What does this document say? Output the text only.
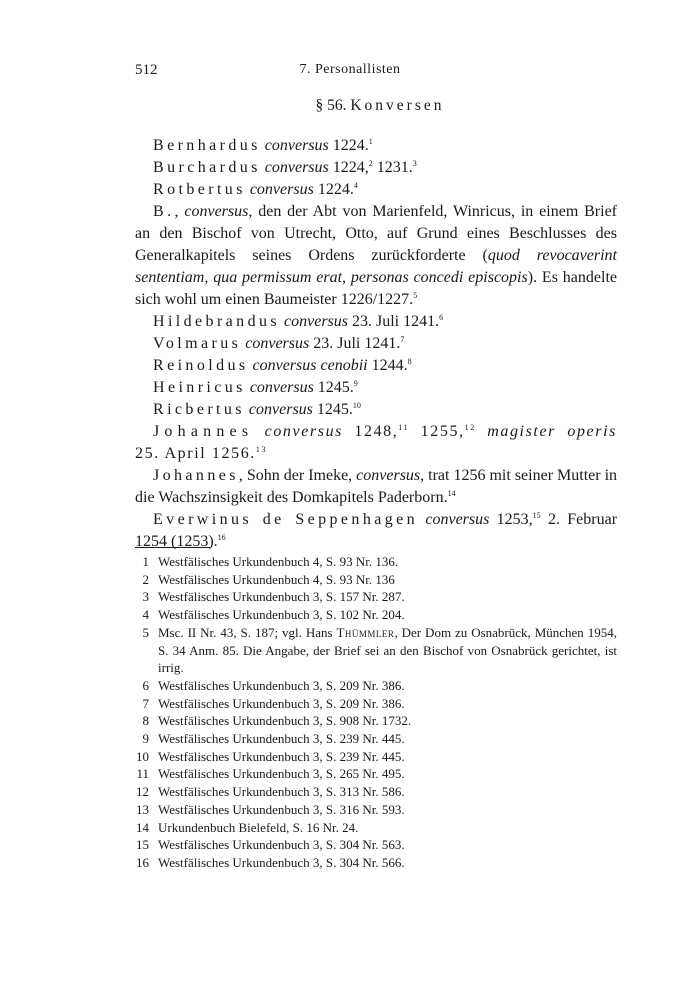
512	7. Personallisten
§ 56. Konversen

Bernhardus conversus 1224.$^1$

Burchardus conversus 1224,$^2$ 1231.$^3$

Rotbertus conversus 1224.$^4$

B., conversus, den der Abt von Marienfeld, Winricus, in einem Brief an den Bischof von Utrecht, Otto, auf Grund eines Beschlusses des Generalkapitels seines Ordens zurückforderte (quod revocaverint sententiam, qua permissum erat, personas concedi episcopis). Es handelte sich wohl um einen Baumeister 1226/1227.$^5$

Hildebrandus conversus 23. Juli 1241.$^6$

Volmarus conversus 23. Juli 1241.$^7$

Reinoldus conversus cenobii 1244.$^8$

Heinricus conversus 1245.$^9$

Ricbertus conversus 1245.10

Johannes conversus 1248,11 1255,12 magister operis 25. April 1256.13

Johannes, Sohn der Imeke, conversus, trat 1256 mit seiner Mutter in die Wachszinsigkeit des Domkapitels Paderborn.$^{14}$

Everwinus de Seppenhagen conversus 1253,15 2. Februar 1254 (1253).$^{16}$

1 Westfälisches Urkundenbuch 4, S. 93 Nr. 136.
2 Westfälisches Urkundenbuch 4, S. 93 Nr. 136
3 Westfälisches Urkundenbuch 3, S. 157 Nr. 287.
4 Westfälisches Urkundenbuch 3, S. 102 Nr. 204.
5 Msc. II Nr. 43, S. 187; vgl. Hans Thümmler, Der Dom zu Osnabrück, München 1954, S. 34 Anm. 85. Die Angabe, der Brief sei an den Bischof von Osnabrück gerichtet, ist irrig.
6 Westfälisches Urkundenbuch 3, S. 209 Nr. 386.
7 Westfälisches Urkundenbuch 3, S. 209 Nr. 386.
8 Westfälisches Urkundenbuch 3, S. 908 Nr. 1732.
9 Westfälisches Urkundenbuch 3, S. 239 Nr. 445.
10 Westfälisches Urkundenbuch 3, S. 239 Nr. 445.
11 Westfälisches Urkundenbuch 3, S. 265 Nr. 495.
12 Westfälisches Urkundenbuch 3, S. 313 Nr. 586.
13 Westfälisches Urkundenbuch 3, S. 316 Nr. 593.
14 Urkundenbuch Bielefeld, S. 16 Nr. 24.
15 Westfälisches Urkundenbuch 3, S. 304 Nr. 563.
16 Westfälisches Urkundenbuch 3, S. 304 Nr. 566.
